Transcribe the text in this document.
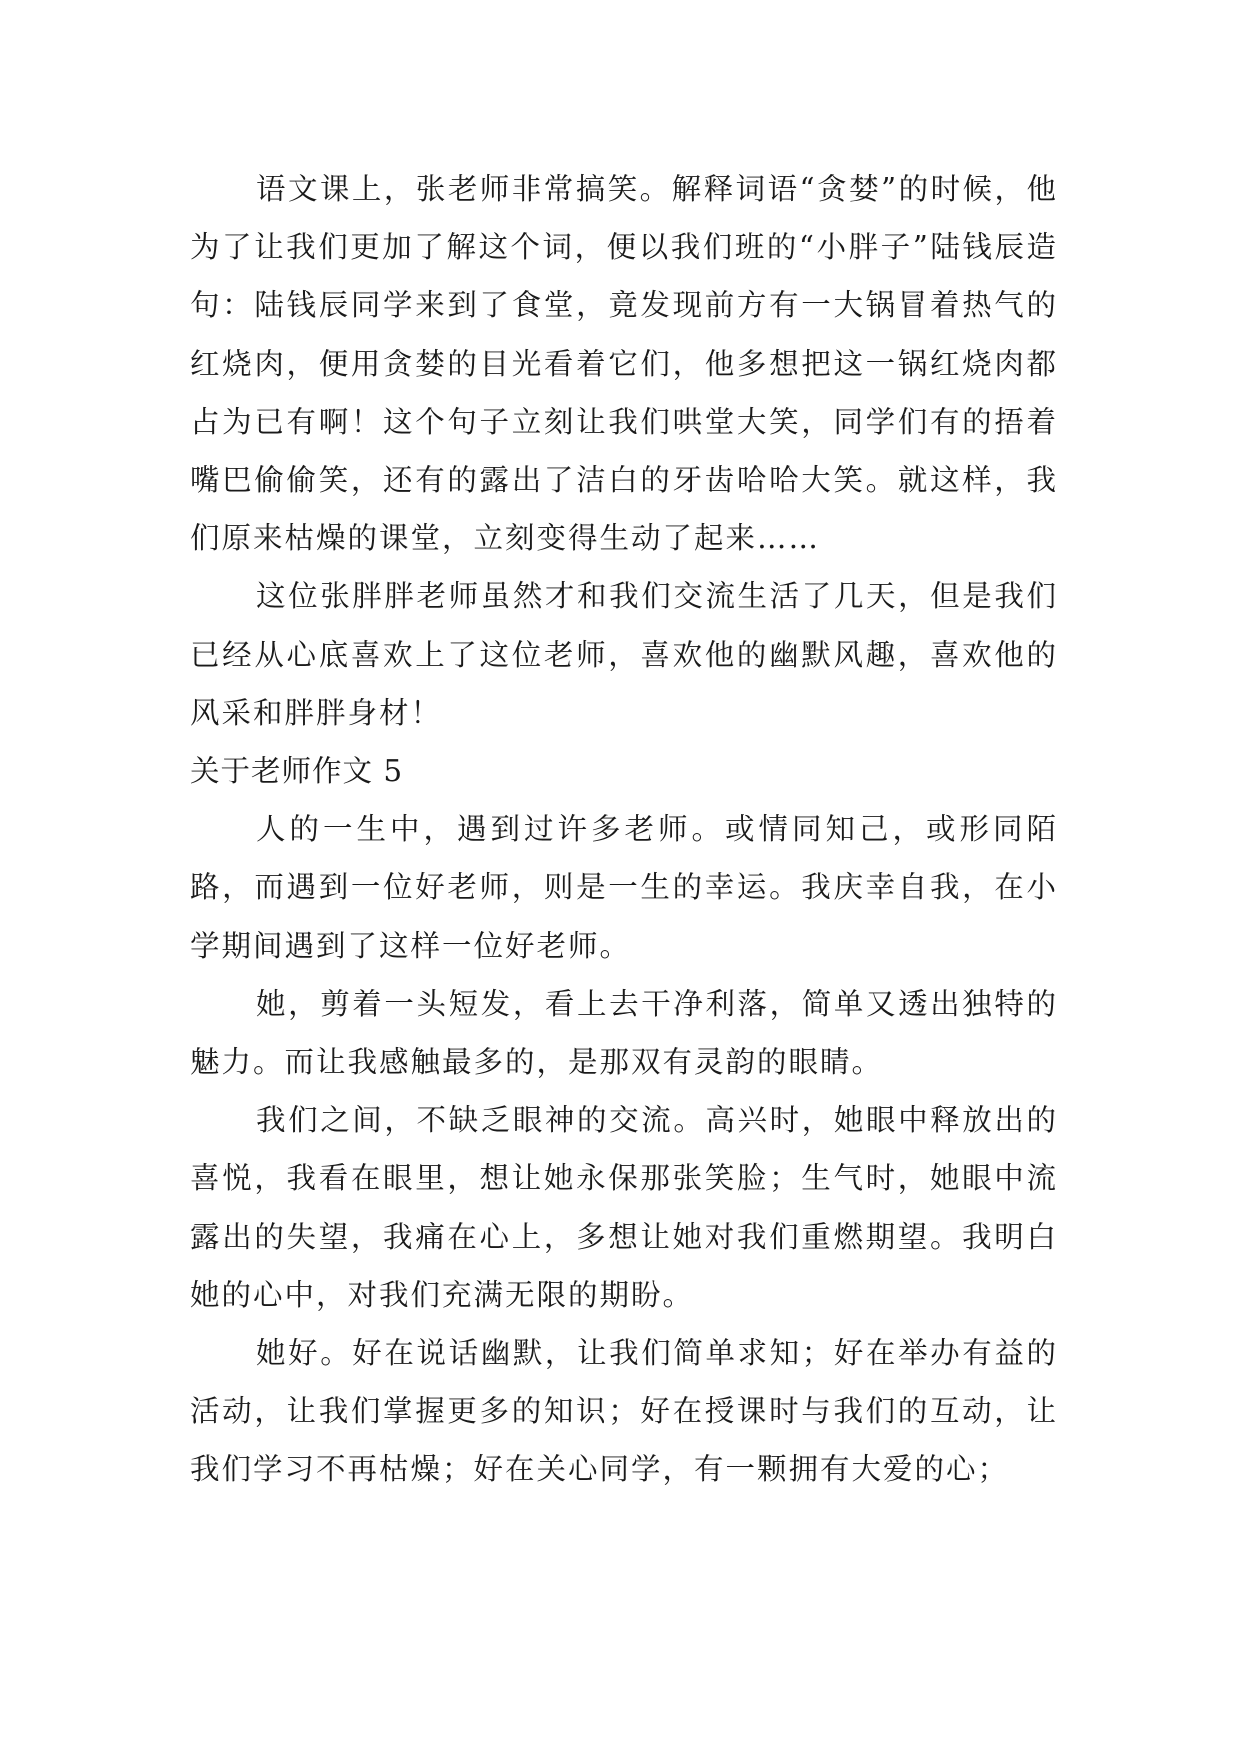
语文课上，张老师非常搞笑。解释词语“贪婪”的时候，他为了让我们更加了解这个词，便以我们班的“小胖子”陆钱辰造句：陆钱辰同学来到了食堂，竟发现前方有一大锅冒着热气的红烧肉，便用贪婪的目光看着它们，他多想把这一锅红烧肉都占为已有啊！这个句子立刻让我们哄堂大笑，同学们有的捂着嘴巴偷偷笑，还有的露出了洁白的牙齿哈哈大笑。就这样，我们原来枯燥的课堂，立刻变得生动了起来……

这位张胖胖老师虽然才和我们交流生活了几天，但是我们已经从心底喜欢上了这位老师，喜欢他的幽默风趣，喜欢他的风采和胖胖身材！

关于老师作文 5

人的一生中，遇到过许多老师。或情同知己，或形同陌路，而遇到一位好老师，则是一生的幸运。我庆幸自我，在小学期间遇到了这样一位好老师。

她，剪着一头短发，看上去干净利落，简单又透出独特的魅力。而让我感触最多的，是那双有灵韵的眼睛。

我们之间，不缺乏眼神的交流。高兴时，她眼中释放出的喜悦，我看在眼里，想让她永保那张笑脸；生气时，她眼中流露出的失望，我痛在心上，多想让她对我们重燃期望。我明白她的心中，对我们充满无限的期盼。

她好。好在说话幽默，让我们简单求知；好在举办有益的活动，让我们掌握更多的知识；好在授课时与我们的互动，让我们学习不再枯燥；好在关心同学，有一颗拥有大爱的心；
